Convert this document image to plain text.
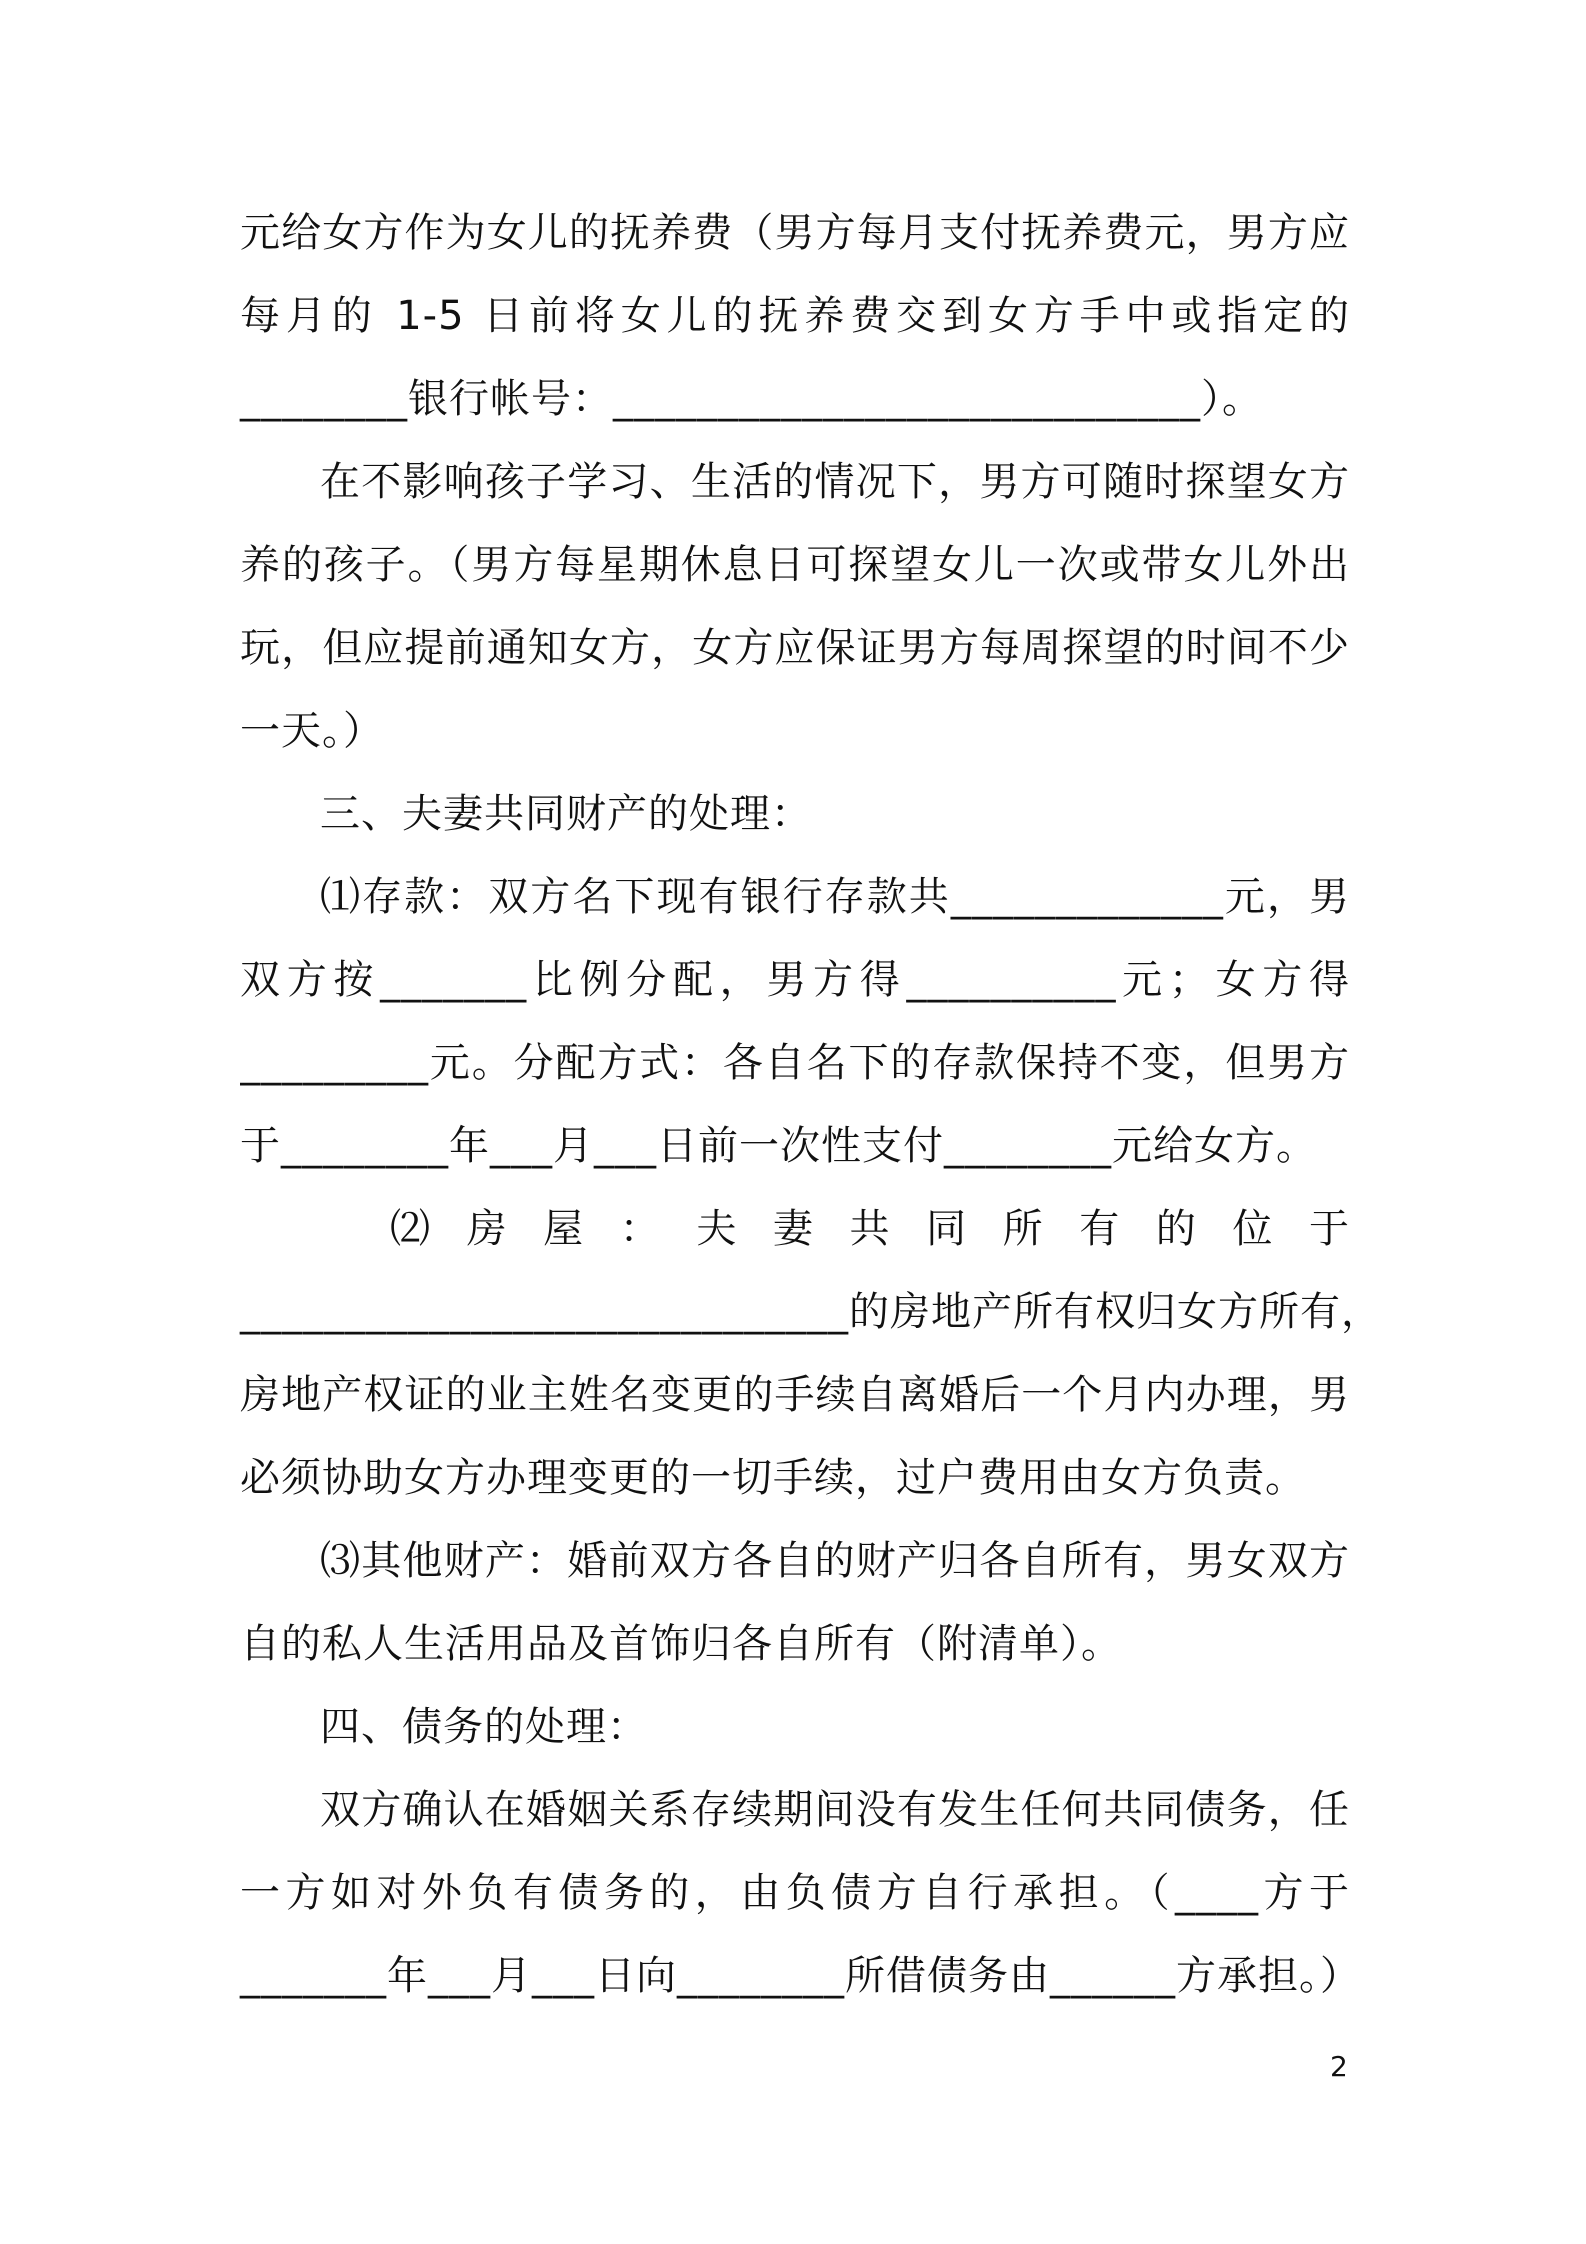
元给女方作为女儿的抚养费（男方每月支付抚养费元，男方应
每月的 1-5 日前将女儿的抚养费交到女方手中或指定的
________银行帐号：____________________________）。
在不影响孩子学习、生活的情况下，男方可随时探望女方
养的孩子。（男方每星期休息日可探望女儿一次或带女儿外出
玩，但应提前通知女方，女方应保证男方每周探望的时间不少
一天。）
三、夫妻共同财产的处理：
⑴存款：双方名下现有银行存款共_____________元，男
双方按_______比例分配，男方得__________元；女方得
_________元。分配方式：各自名下的存款保持不变，但男方
于________年___月___日前一次性支付________元给女方。
⑵ 房 屋 ： 夫 妻 共 同 所 有 的 位 于
_____________________________的房地产所有权归女方所有，
房地产权证的业主姓名变更的手续自离婚后一个月内办理，男
必须协助女方办理变更的一切手续，过户费用由女方负责。
⑶其他财产：婚前双方各自的财产归各自所有，男女双方
自的私人生活用品及首饰归各自所有（附清单）。
四、债务的处理：
双方确认在婚姻关系存续期间没有发生任何共同债务，任
一方如对外负有债务的，由负债方自行承担。（____方于
_______年___月___日向________所借债务由______方承担。）
2
